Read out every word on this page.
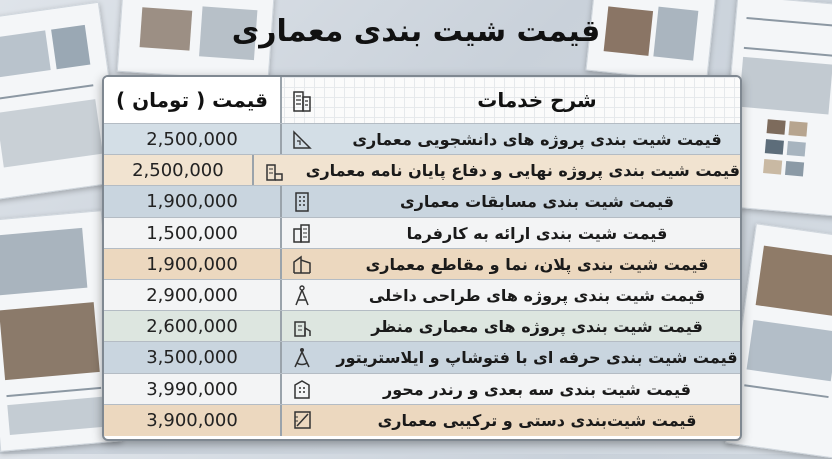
قیمت شیت بندی معماری
قیمت ( تومان )	شرح خدمات
2,500,000	قیمت شیت بندی پروژه های دانشجویی معماری
2,500,000	قیمت شیت بندی پروژه نهایی و دفاع پایان نامه معماری
1,900,000	قیمت شیت بندی مسابقات معماری
1,500,000	قیمت شیت بندی ارائه به کارفرما
1,900,000	قیمت شیت بندی پلان، نما و مقاطع معماری
2,900,000	قیمت شیت بندی پروژه های طراحی داخلی
2,600,000	قیمت شیت بندی پروژه های معماری منظر
3,500,000	قیمت شیت بندی حرفه ای با فتوشاپ و ایلاستریتور
3,990,000	قیمت شیت بندی سه بعدی و رندر محور
3,900,000	قیمت شیت‌بندی دستی و ترکیبی معماری
